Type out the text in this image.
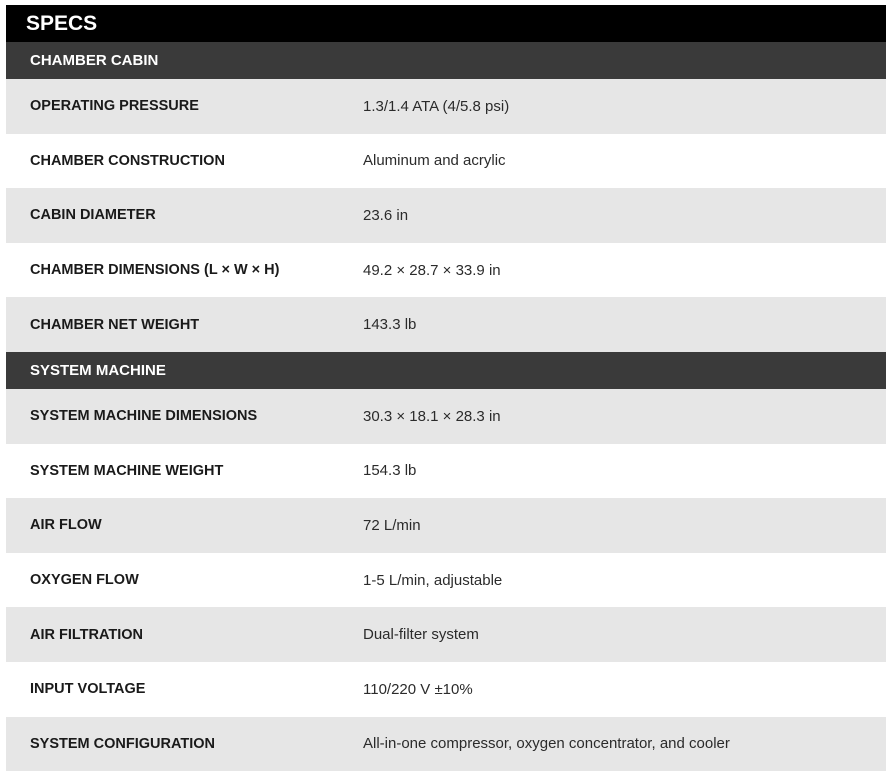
SPECS
CHAMBER CABIN
OPERATING PRESSURE	1.3/1.4 ATA (4/5.8 psi)
CHAMBER CONSTRUCTION	Aluminum and acrylic
CABIN DIAMETER	23.6 in
CHAMBER DIMENSIONS (L × W × H)	49.2 × 28.7 × 33.9 in
CHAMBER NET WEIGHT	143.3 lb
SYSTEM MACHINE
SYSTEM MACHINE DIMENSIONS	30.3 × 18.1 × 28.3 in
SYSTEM MACHINE WEIGHT	154.3 lb
AIR FLOW	72 L/min
OXYGEN FLOW	1-5 L/min, adjustable
AIR FILTRATION	Dual-filter system
INPUT VOLTAGE	110/220 V ±10%
SYSTEM CONFIGURATION	All-in-one compressor, oxygen concentrator, and cooler
